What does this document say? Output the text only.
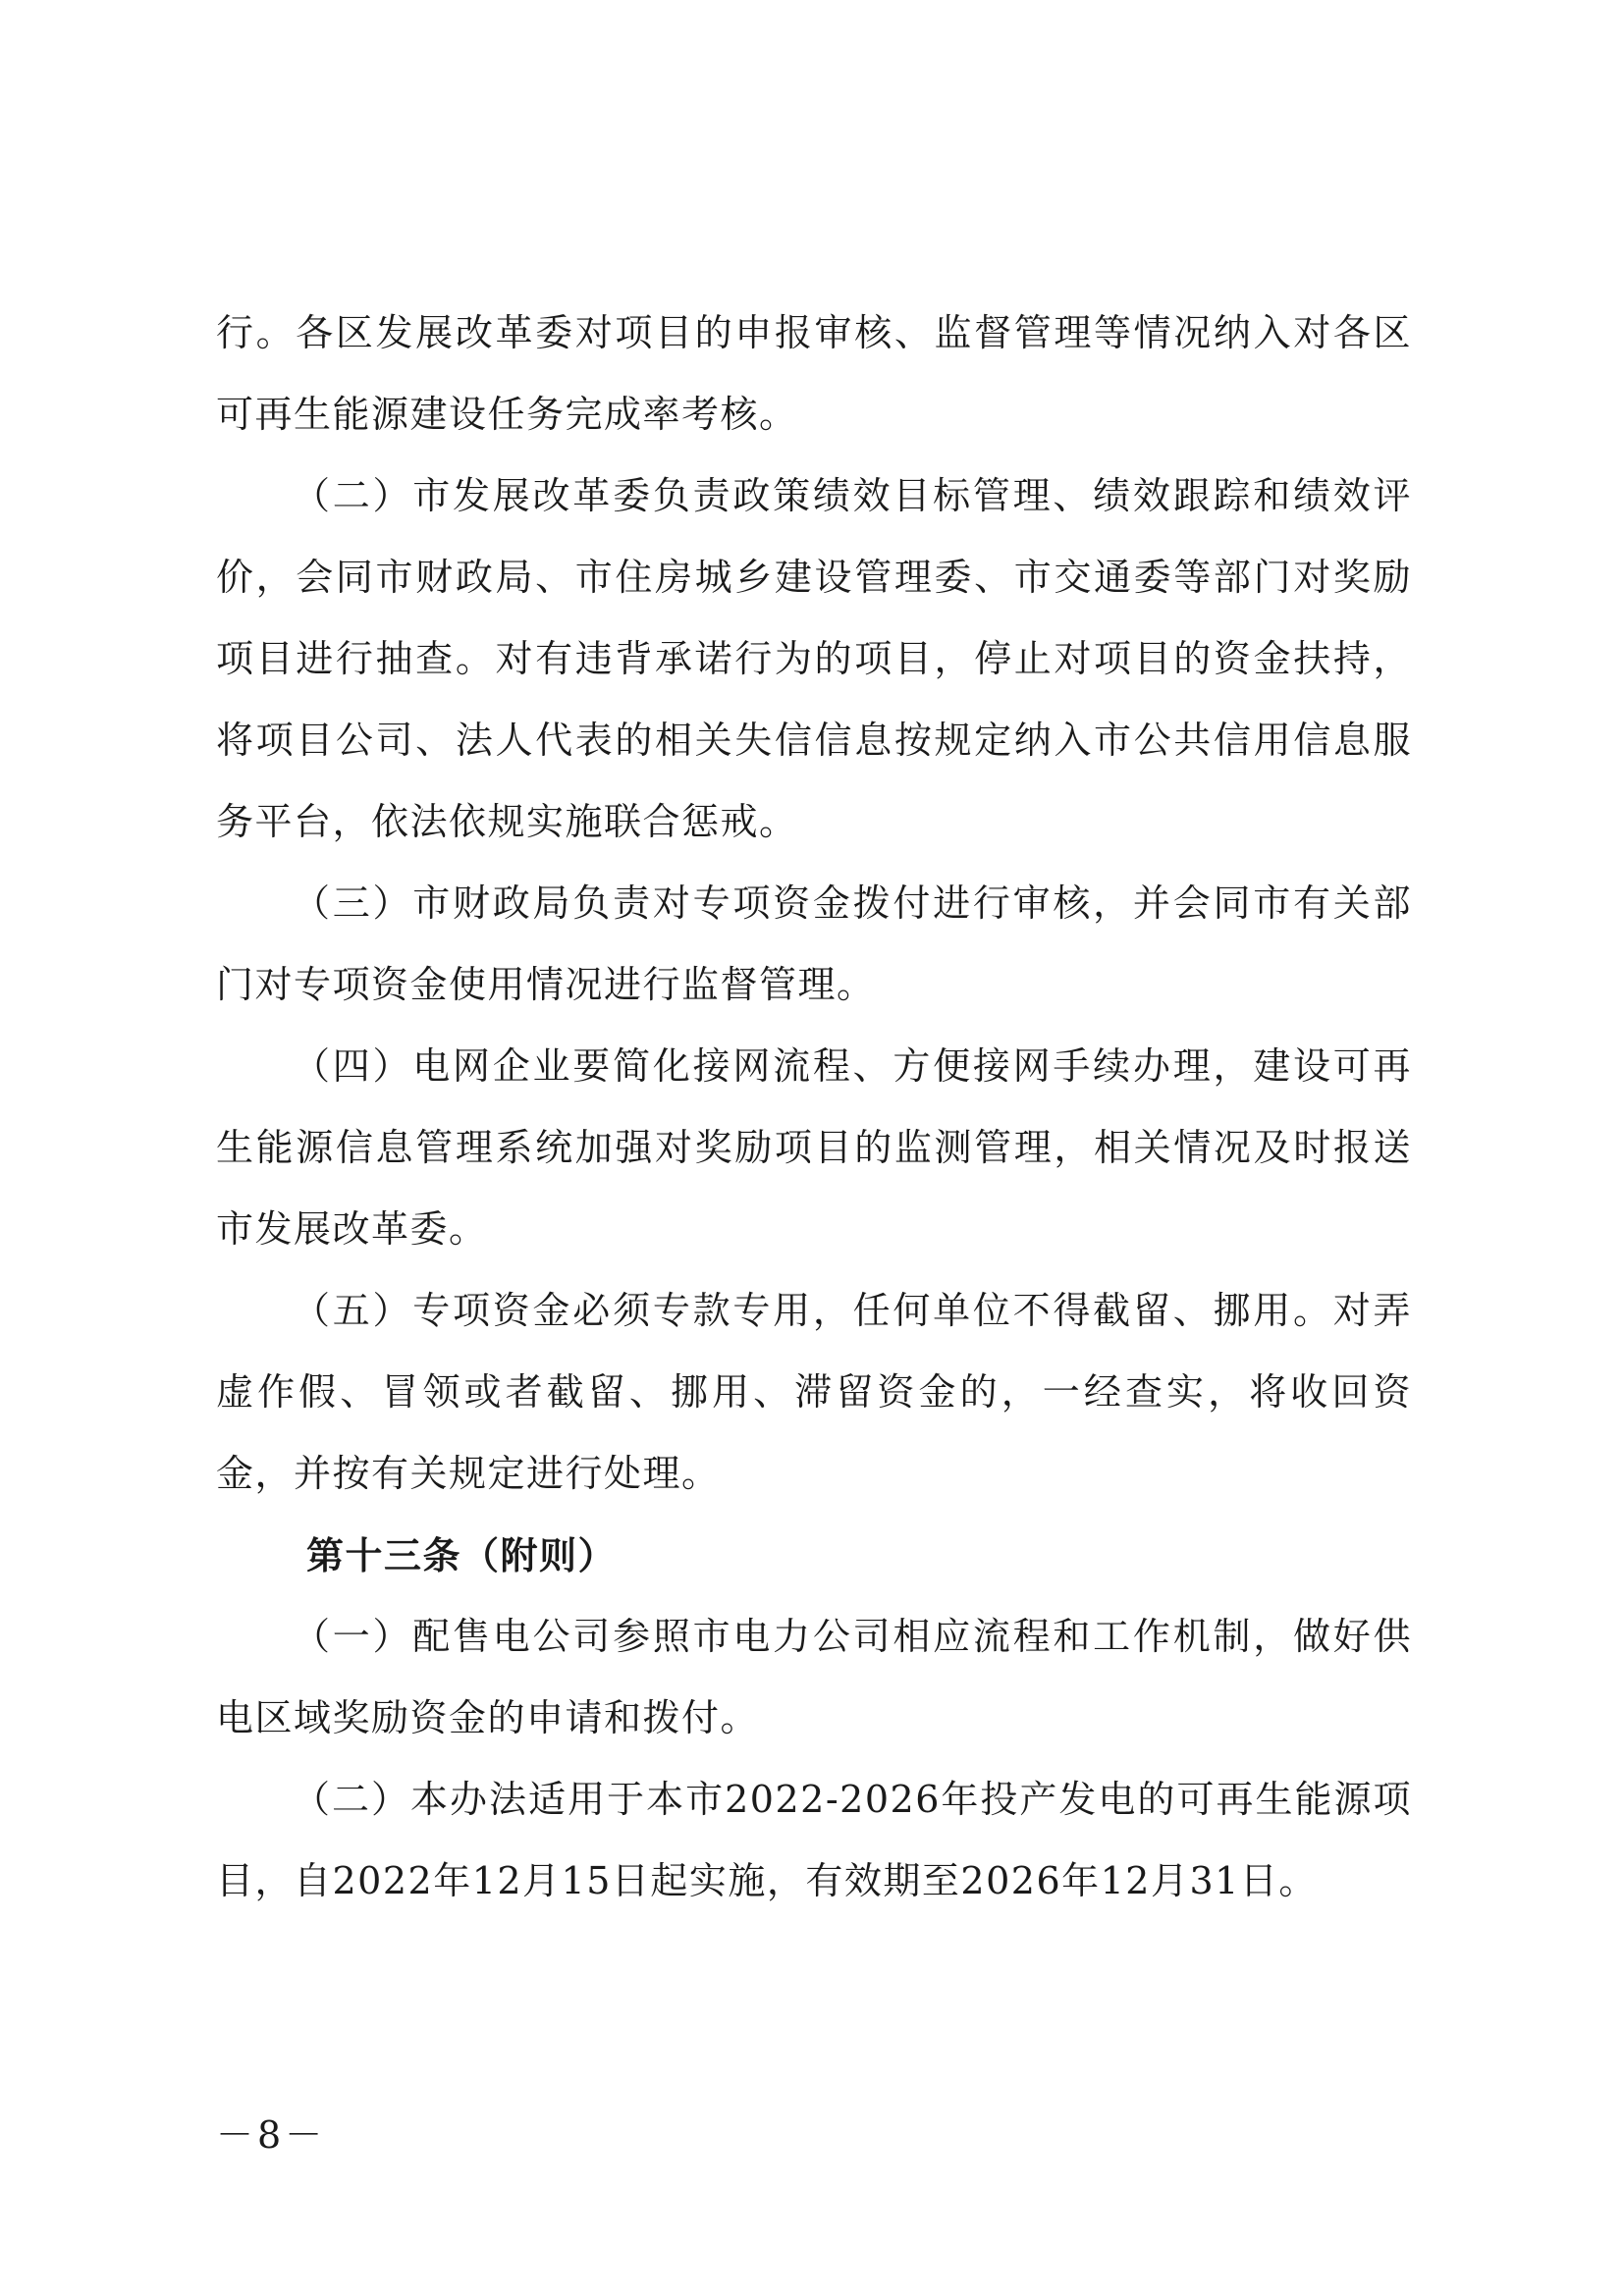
行。各区发展改革委对项目的申报审核、监督管理等情况纳入对各区可再生能源建设任务完成率考核。

（二）市发展改革委负责政策绩效目标管理、绩效跟踪和绩效评价，会同市财政局、市住房城乡建设管理委、市交通委等部门对奖励项目进行抽查。对有违背承诺行为的项目，停止对项目的资金扶持，将项目公司、法人代表的相关失信信息按规定纳入市公共信用信息服务平台，依法依规实施联合惩戒。

（三）市财政局负责对专项资金拨付进行审核，并会同市有关部门对专项资金使用情况进行监督管理。

（四）电网企业要简化接网流程、方便接网手续办理，建设可再生能源信息管理系统加强对奖励项目的监测管理，相关情况及时报送市发展改革委。

（五）专项资金必须专款专用，任何单位不得截留、挪用。对弄虚作假、冒领或者截留、挪用、滞留资金的，一经查实，将收回资金，并按有关规定进行处理。

第十三条（附则）

（一）配售电公司参照市电力公司相应流程和工作机制，做好供电区域奖励资金的申请和拨付。

（二）本办法适用于本市2022-2026年投产发电的可再生能源项目，自2022年12月15日起实施，有效期至2026年12月31日。

－8－
